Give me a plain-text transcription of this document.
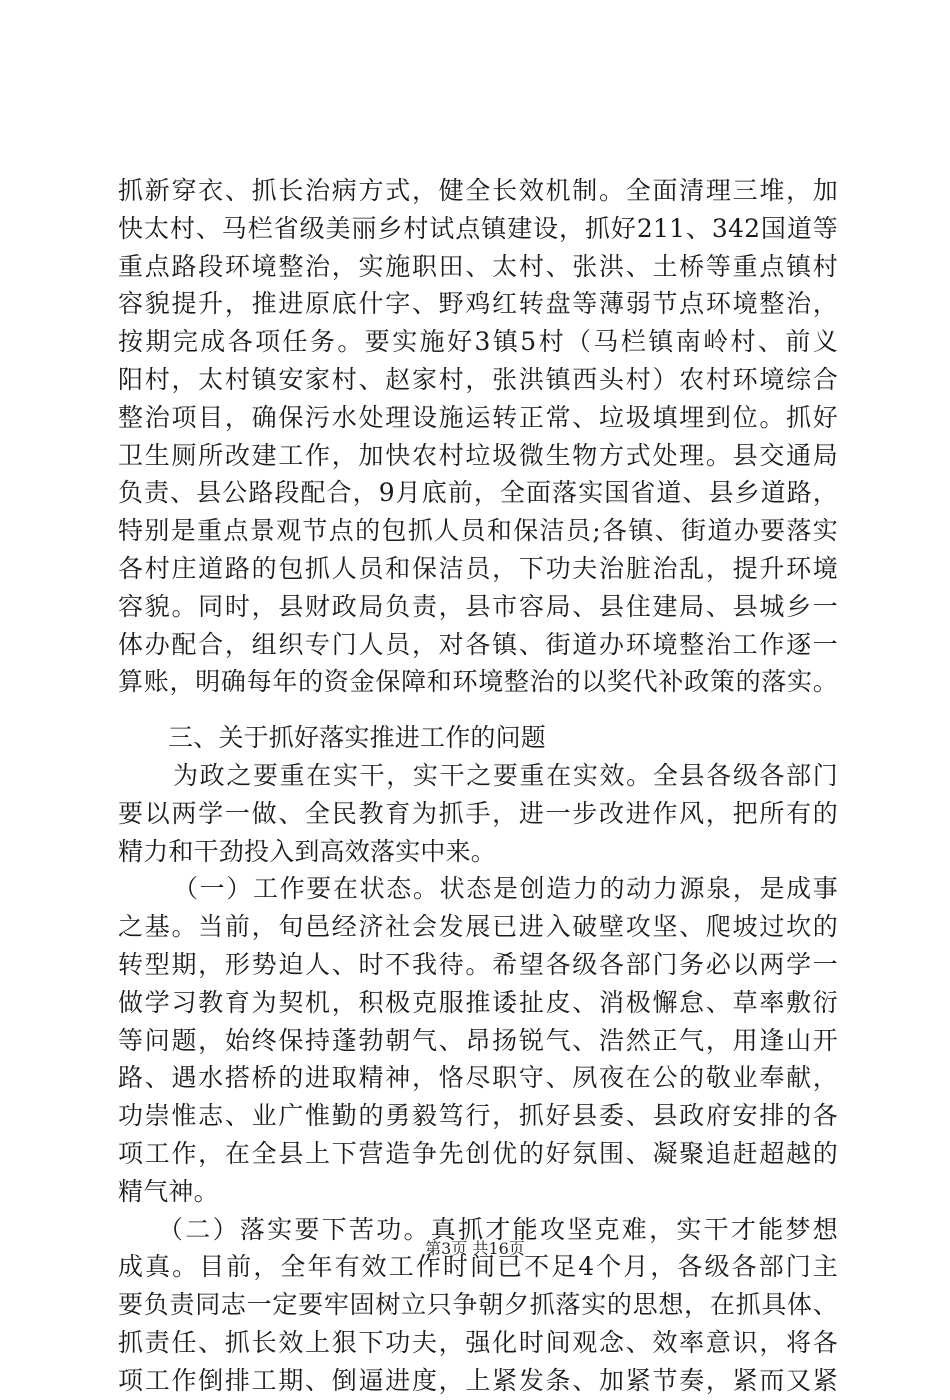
抓新穿衣、抓长治病方式，健全长效机制。全面清理三堆，加
快太村、马栏省级美丽乡村试点镇建设，抓好211、342国道等
重点路段环境整治，实施职田、太村、张洪、土桥等重点镇村
容貌提升，推进原底什字、野鸡红转盘等薄弱节点环境整治，
按期完成各项任务。要实施好3镇5村（马栏镇南岭村、前义
阳村，太村镇安家村、赵家村，张洪镇西头村）农村环境综合
整治项目，确保污水处理设施运转正常、垃圾填埋到位。抓好
卫生厕所改建工作，加快农村垃圾微生物方式处理。县交通局
负责、县公路段配合，9月底前，全面落实国省道、县乡道路，
特别是重点景观节点的包抓人员和保洁员;各镇、街道办要落实
各村庄道路的包抓人员和保洁员，下功夫治脏治乱，提升环境
容貌。同时，县财政局负责，县市容局、县住建局、县城乡一
体办配合，组织专门人员，对各镇、街道办环境整治工作逐一
算账，明确每年的资金保障和环境整治的以奖代补政策的落实。
三、关于抓好落实推进工作的问题
为政之要重在实干，实干之要重在实效。全县各级各部门
要以两学一做、全民教育为抓手，进一步改进作风，把所有的
精力和干劲投入到高效落实中来。
（一）工作要在状态。状态是创造力的动力源泉，是成事
之基。当前，旬邑经济社会发展已进入破壁攻坚、爬坡过坎的
转型期，形势迫人、时不我待。希望各级各部门务必以两学一
做学习教育为契机，积极克服推诿扯皮、消极懈怠、草率敷衍
等问题，始终保持蓬勃朝气、昂扬锐气、浩然正气，用逢山开
路、遇水搭桥的进取精神，恪尽职守、夙夜在公的敬业奉献，
功崇惟志、业广惟勤的勇毅笃行，抓好县委、县政府安排的各
项工作，在全县上下营造争先创优的好氛围、凝聚追赶超越的
精气神。
（二）落实要下苦功。真抓才能攻坚克难，实干才能梦想
成真。目前，全年有效工作时间已不足4个月，各级各部门主
要负责同志一定要牢固树立只争朝夕抓落实的思想，在抓具体、
抓责任、抓长效上狠下功夫，强化时间观念、效率意识，将各
项工作倒排工期、倒逼进度，上紧发条、加紧节奏，紧而又紧
第3页 共16页
